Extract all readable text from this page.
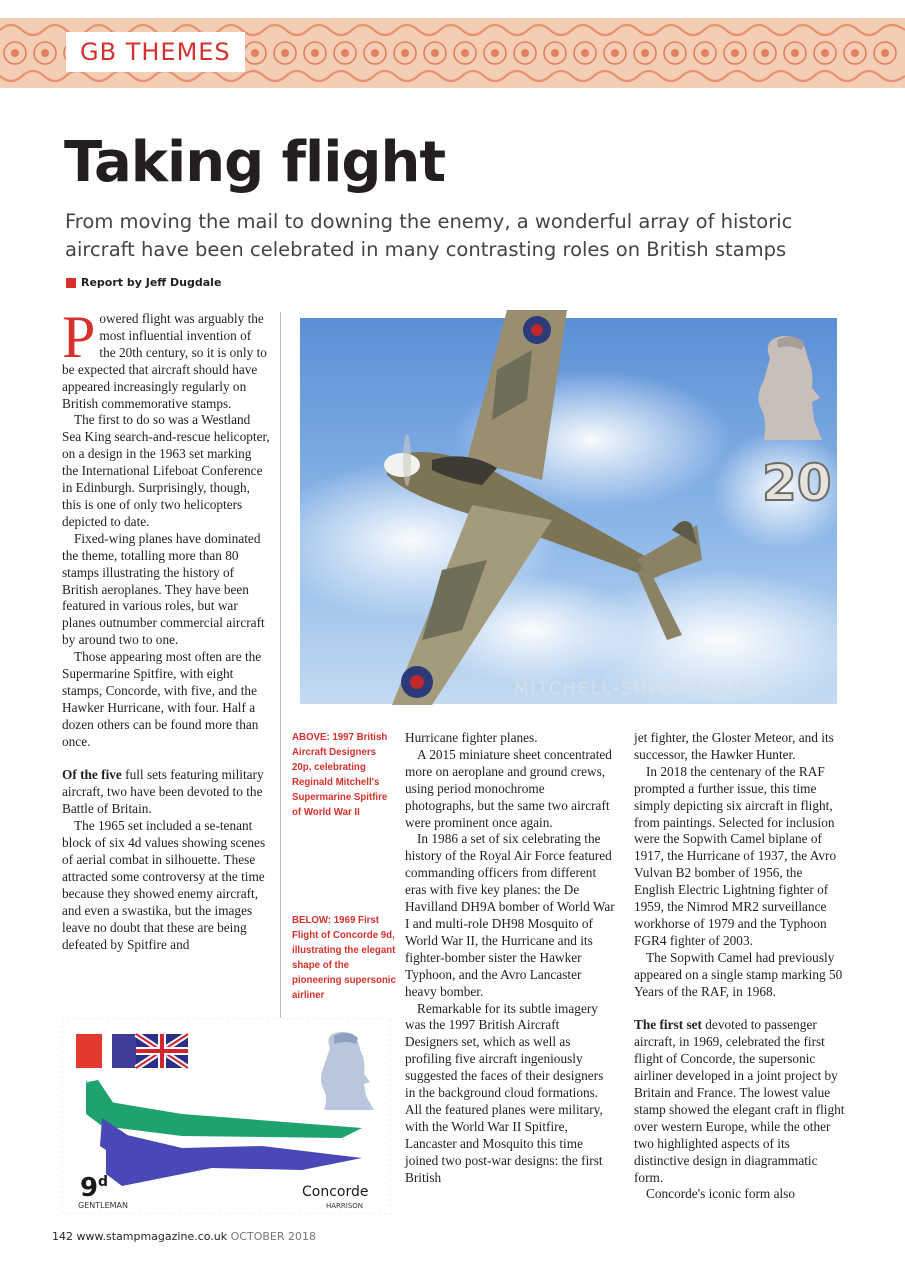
GB THEMES
Taking flight
From moving the mail to downing the enemy, a wonderful array of historic aircraft have been celebrated in many contrasting roles on British stamps
Report by Jeff Dugdale

Powered flight was arguably the most influential invention of the 20th century, so it is only to be expected that aircraft should have appeared increasingly regularly on British commemorative stamps.

The first to do so was a Westland Sea King search-and-rescue helicopter, on a design in the 1963 set marking the International Lifeboat Conference in Edinburgh. Surprisingly, though, this is one of only two helicopters depicted to date.

Fixed-wing planes have dominated the theme, totalling more than 80 stamps illustrating the history of British aeroplanes. They have been featured in various roles, but war planes outnumber commercial aircraft by around two to one.

Those appearing most often are the Supermarine Spitfire, with eight stamps, Concorde, with five, and the Hawker Hurricane, with four. Half a dozen others can be found more than once.

Of the five full sets featuring military aircraft, two have been devoted to the Battle of Britain.

The 1965 set included a se-tenant block of six 4d values showing scenes of aerial combat in silhouette. These attracted some controversy at the time because they showed enemy aircraft, and even a swastika, but the images leave no doubt that these are being defeated by Spitfire and

20
MITCHELL-SUPERMARINE
ABOVE: 1997 British Aircraft Designers 20p, celebrating Reginald Mitchell's Supermarine Spitfire of World War II
BELOW: 1969 First Flight of Concorde 9d, illustrating the elegant shape of the pioneering supersonic airliner

Hurricane fighter planes.

A 2015 miniature sheet concentrated more on aeroplane and ground crews, using period monochrome photographs, but the same two aircraft were prominent once again.

In 1986 a set of six celebrating the history of the Royal Air Force featured commanding officers from different eras with five key planes: the De Havilland DH9A bomber of World War I and multi-role DH98 Mosquito of World War II, the Hurricane and its fighter-bomber sister the Hawker Typhoon, and the Avro Lancaster heavy bomber.

Remarkable for its subtle imagery was the 1997 British Aircraft Designers set, which as well as profiling five aircraft ingeniously suggested the faces of their designers in the background cloud formations. All the featured planes were military, with the World War II Spitfire, Lancaster and Mosquito this time joined two post-war designs: the first British

jet fighter, the Gloster Meteor, and its successor, the Hawker Hunter.

In 2018 the centenary of the RAF prompted a further issue, this time simply depicting six aircraft in flight, from paintings. Selected for inclusion were the Sopwith Camel biplane of 1917, the Hurricane of 1937, the Avro Vulvan B2 bomber of 1956, the English Electric Lightning fighter of 1959, the Nimrod MR2 surveillance workhorse of 1979 and the Typhoon FGR4 fighter of 2003.

The Sopwith Camel had previously appeared on a single stamp marking 50 Years of the RAF, in 1968.

The first set devoted to passenger aircraft, in 1969, celebrated the first flight of Concorde, the supersonic airliner developed in a joint project by Britain and France. The lowest value stamp showed the elegant craft in flight over western Europe, while the other two highlighted aspects of its distinctive design in diagrammatic form.

Concorde's iconic form also

9 d
GENTLEMAN
Concorde
HARRISON
142 www.stampmagazine.co.uk OCTOBER 2018
